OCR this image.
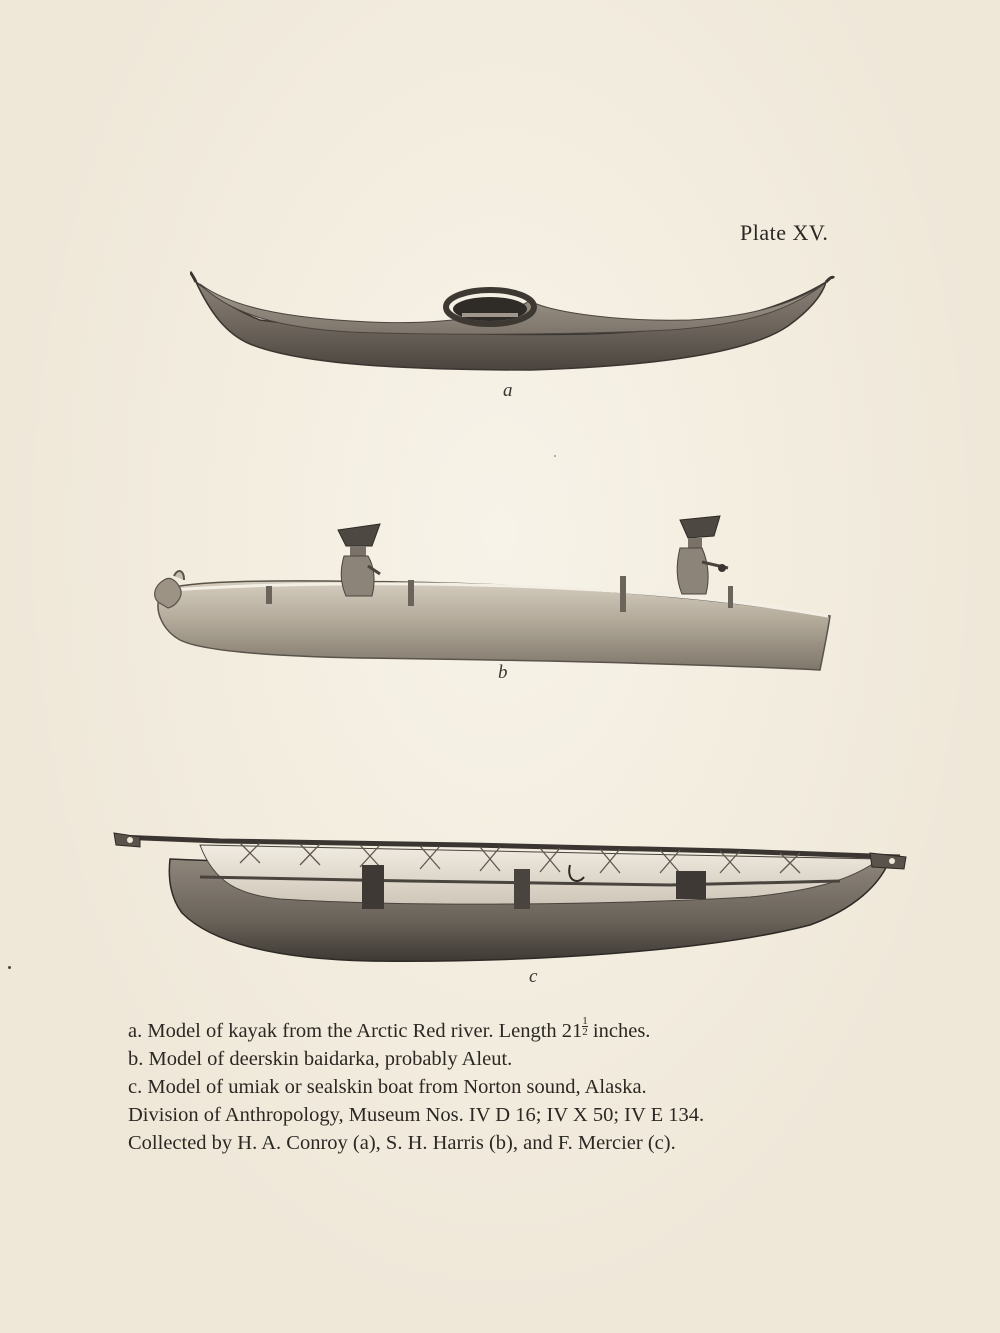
Plate XV.
a
b
c
a. Model of kayak from the Arctic Red river. Length $21 \frac{1}{2}$ inches.
b. Model of deerskin baidarka, probably Aleut.
c. Model of umiak or sealskin boat from Norton sound, Alaska.
Division of Anthropology, Museum Nos. IV D 16; IV X 50; IV E 134.
Collected by H. A. Conroy (a), S. H. Harris (b), and F. Mercier (c).
